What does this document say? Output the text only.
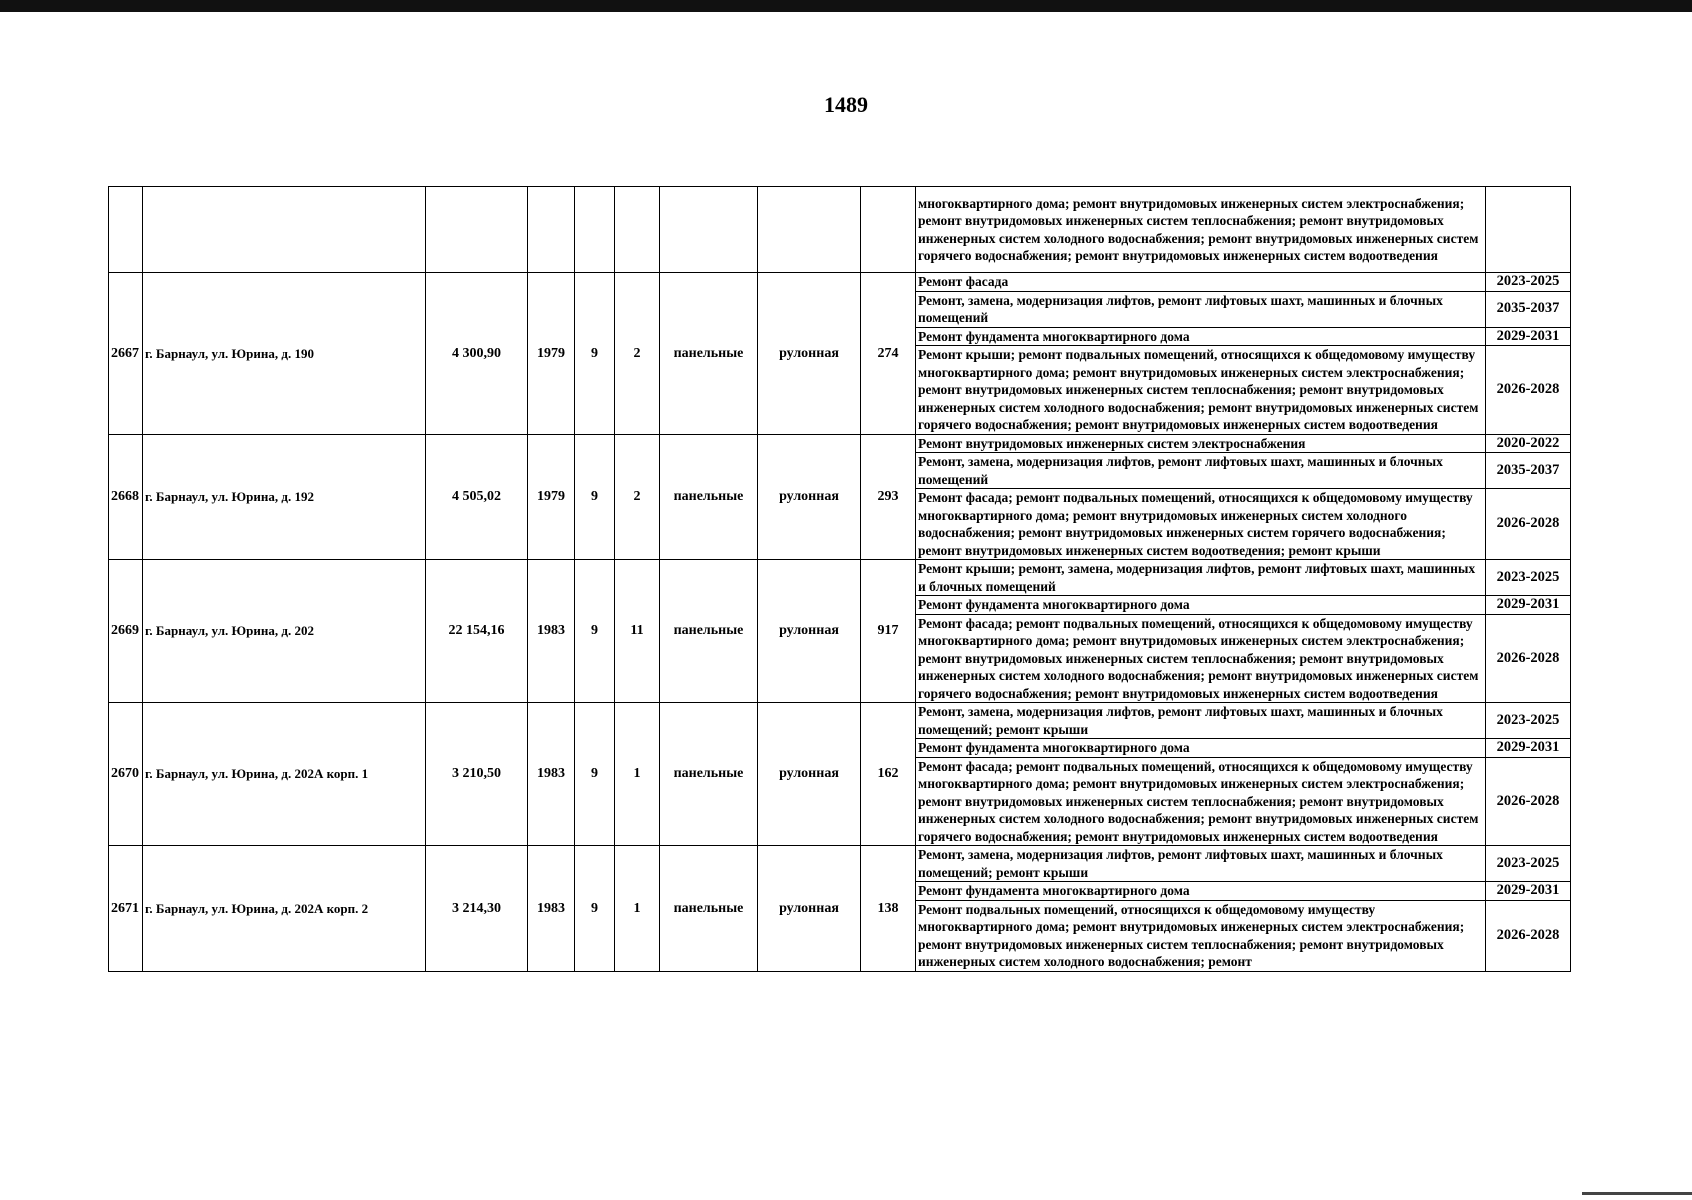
1489
									многоквартирного дома; ремонт внутридомовых инженерных систем электроснабжения; ремонт внутридомовых инженерных систем теплоснабжения; ремонт внутридомовых инженерных систем холодного водоснабжения; ремонт внутридомовых инженерных систем горячего водоснабжения; ремонт внутридомовых инженерных систем водоотведения	
2667	г. Барнаул, ул. Юрина, д. 190	4 300,90	1979	9	2	панельные	рулонная	274	Ремонт фасада	2023-2025
									Ремонт, замена, модернизация лифтов, ремонт лифтовых шахт, машинных и блочных помещений	2035-2037
									Ремонт фундамента многоквартирного дома	2029-2031
									Ремонт крыши; ремонт подвальных помещений, относящихся к общедомовому имуществу многоквартирного дома; ремонт внутридомовых инженерных систем электроснабжения; ремонт внутридомовых инженерных систем теплоснабжения; ремонт внутридомовых инженерных систем холодного водоснабжения; ремонт внутридомовых инженерных систем горячего водоснабжения; ремонт внутридомовых инженерных систем водоотведения	2026-2028
2668	г. Барнаул, ул. Юрина, д. 192	4 505,02	1979	9	2	панельные	рулонная	293	Ремонт внутридомовых инженерных систем электроснабжения	2020-2022
									Ремонт, замена, модернизация лифтов, ремонт лифтовых шахт, машинных и блочных помещений	2035-2037
									Ремонт фасада; ремонт подвальных помещений, относящихся к общедомовому имуществу многоквартирного дома; ремонт внутридомовых инженерных систем холодного водоснабжения; ремонт внутридомовых инженерных систем горячего водоснабжения; ремонт внутридомовых инженерных систем водоотведения; ремонт крыши	2026-2028
2669	г. Барнаул, ул. Юрина, д. 202	22 154,16	1983	9	11	панельные	рулонная	917	Ремонт крыши; ремонт, замена, модернизация лифтов, ремонт лифтовых шахт, машинных и блочных помещений	2023-2025
									Ремонт фундамента многоквартирного дома	2029-2031
									Ремонт фасада; ремонт подвальных помещений, относящихся к общедомовому имуществу многоквартирного дома; ремонт внутридомовых инженерных систем электроснабжения; ремонт внутридомовых инженерных систем теплоснабжения; ремонт внутридомовых инженерных систем холодного водоснабжения; ремонт внутридомовых инженерных систем горячего водоснабжения; ремонт внутридомовых инженерных систем водоотведения	2026-2028
2670	г. Барнаул, ул. Юрина, д. 202А корп. 1	3 210,50	1983	9	1	панельные	рулонная	162	Ремонт, замена, модернизация лифтов, ремонт лифтовых шахт, машинных и блочных помещений; ремонт крыши	2023-2025
									Ремонт фундамента многоквартирного дома	2029-2031
									Ремонт фасада; ремонт подвальных помещений, относящихся к общедомовому имуществу многоквартирного дома; ремонт внутридомовых инженерных систем электроснабжения; ремонт внутридомовых инженерных систем теплоснабжения; ремонт внутридомовых инженерных систем холодного водоснабжения; ремонт внутридомовых инженерных систем горячего водоснабжения; ремонт внутридомовых инженерных систем водоотведения	2026-2028
2671	г. Барнаул, ул. Юрина, д. 202А корп. 2	3 214,30	1983	9	1	панельные	рулонная	138	Ремонт, замена, модернизация лифтов, ремонт лифтовых шахт, машинных и блочных помещений; ремонт крыши	2023-2025
									Ремонт фундамента многоквартирного дома	2029-2031
									Ремонт подвальных помещений, относящихся к общедомовому имуществу многоквартирного дома; ремонт внутридомовых инженерных систем электроснабжения; ремонт внутридомовых инженерных систем теплоснабжения; ремонт внутридомовых инженерных систем холодного водоснабжения; ремонт	2026-2028
